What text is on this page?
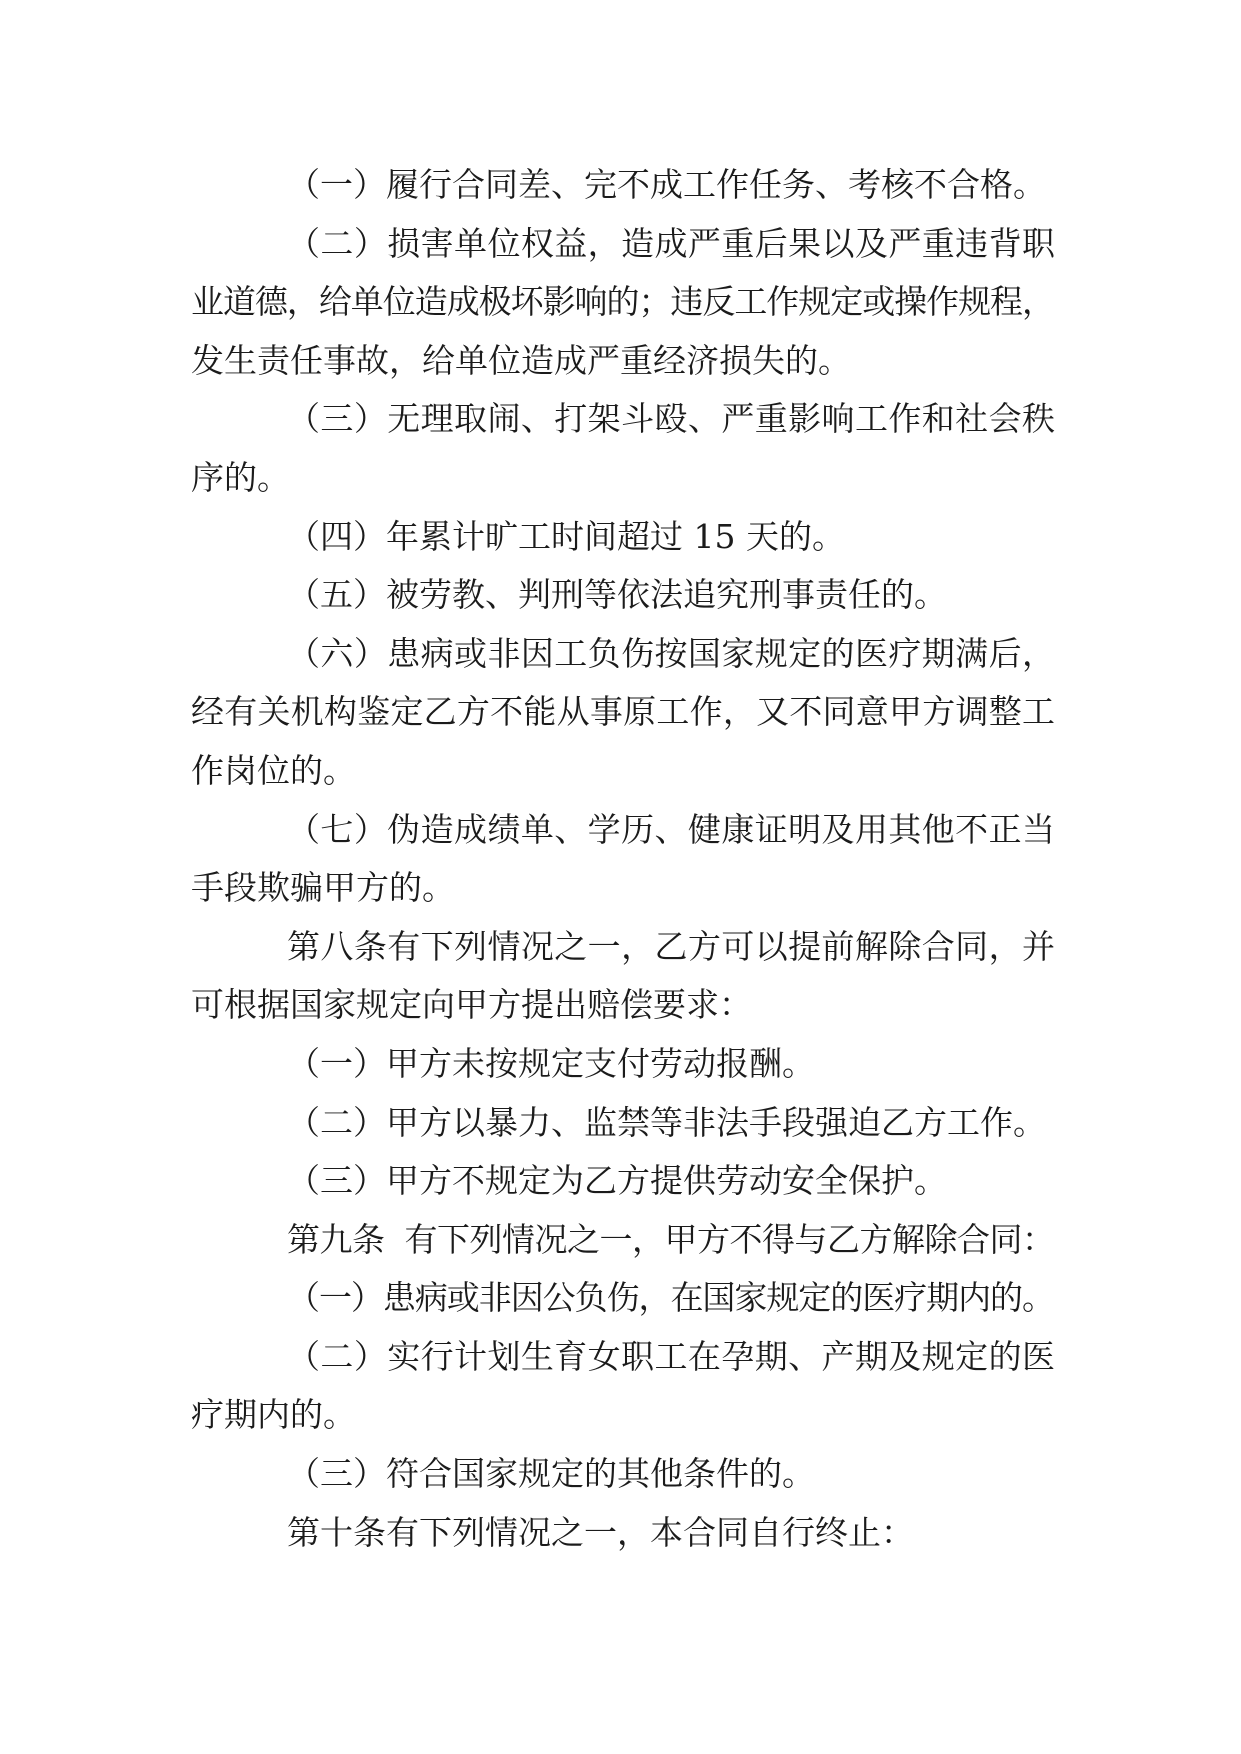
（一）履行合同差、完不成工作任务、考核不合格。
（二）损害单位权益，造成严重后果以及严重违背职
业道德，给单位造成极坏影响的；违反工作规定或操作规程，
发生责任事故，给单位造成严重经济损失的。
（三）无理取闹、打架斗殴、严重影响工作和社会秩
序的。
（四）年累计旷工时间超过 15 天的。
（五）被劳教、判刑等依法追究刑事责任的。
（六）患病或非因工负伤按国家规定的医疗期满后，
经有关机构鉴定乙方不能从事原工作，又不同意甲方调整工
作岗位的。
（七）伪造成绩单、学历、健康证明及用其他不正当
手段欺骗甲方的。
第八条有下列情况之一，乙方可以提前解除合同，并
可根据国家规定向甲方提出赔偿要求：
（一）甲方未按规定支付劳动报酬。
（二）甲方以暴力、监禁等非法手段强迫乙方工作。
（三）甲方不规定为乙方提供劳动安全保护。
第九条  有下列情况之一，甲方不得与乙方解除合同：
（一）患病或非因公负伤，在国家规定的医疗期内的。
（二）实行计划生育女职工在孕期、产期及规定的医
疗期内的。
（三）符合国家规定的其他条件的。
第十条有下列情况之一，本合同自行终止：
